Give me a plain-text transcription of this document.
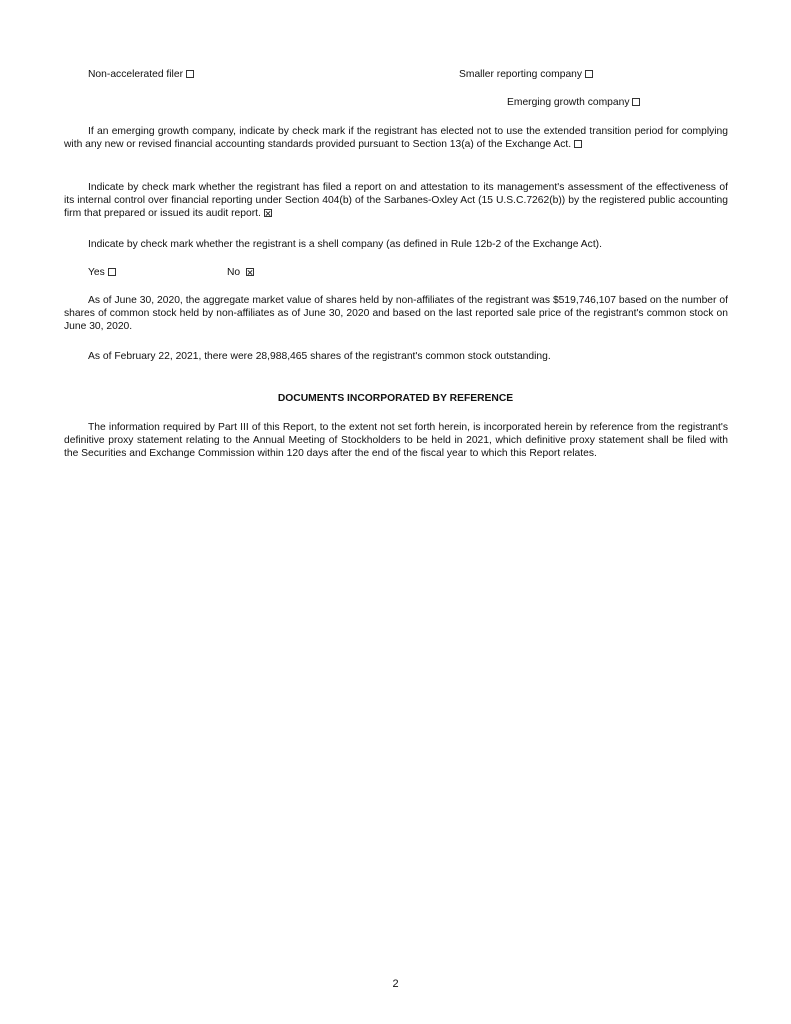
Non-accelerated filer	Smaller reporting company
Emerging growth company
If an emerging growth company, indicate by check mark if the registrant has elected not to use the extended transition period for complying with any new or revised financial accounting standards provided pursuant to Section 13(a) of the Exchange Act.
Indicate by check mark whether the registrant has filed a report on and attestation to its management's assessment of the effectiveness of its internal control over financial reporting under Section 404(b) of the Sarbanes-Oxley Act (15 U.S.C.7262(b)) by the registered public accounting firm that prepared or issued its audit report.
Indicate by check mark whether the registrant is a shell company (as defined in Rule 12b-2 of the Exchange Act).
Yes	No
As of June 30, 2020, the aggregate market value of shares held by non-affiliates of the registrant was $519,746,107 based on the number of shares of common stock held by non-affiliates as of June 30, 2020 and based on the last reported sale price of the registrant's common stock on June 30, 2020.
As of February 22, 2021, there were 28,988,465 shares of the registrant's common stock outstanding.
DOCUMENTS INCORPORATED BY REFERENCE
The information required by Part III of this Report, to the extent not set forth herein, is incorporated herein by reference from the registrant's definitive proxy statement relating to the Annual Meeting of Stockholders to be held in 2021, which definitive proxy statement shall be filed with the Securities and Exchange Commission within 120 days after the end of the fiscal year to which this Report relates.
2
